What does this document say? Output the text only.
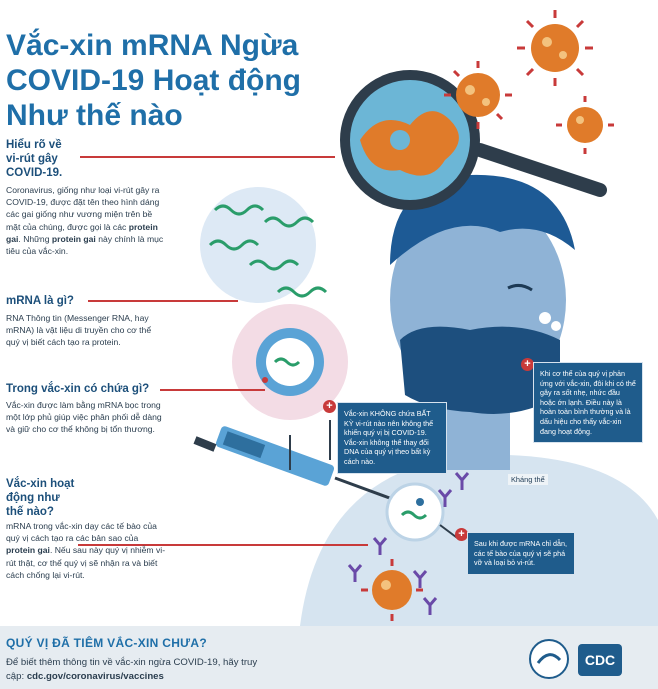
Vắc-xin mRNA Ngừa
COVID-19 Hoạt động
Như thế nào
Hiểu rõ về
vi-rút gây
COVID-19.
Coronavirus, giống như loại vi-rút gây ra COVID-19, được đặt tên theo hình dáng các gai giống như vương miện trên bề mặt của chúng, được gọi là các protein gai. Những protein gai này chính là mục tiêu của vắc-xin.
mRNA là gì?
RNA Thông tin (Messenger RNA, hay mRNA) là vật liệu di truyền cho cơ thể quý vị biết cách tạo ra protein.
Trong vắc-xin có chứa gì?
Vắc-xin được làm bằng mRNA bọc trong một lớp phủ giúp việc phân phối dễ dàng và giữ cho cơ thể không bị tổn thương.
Vắc-xin hoạt
động như
thế nào?
mRNA trong vắc-xin dạy các tế bào của quý vị cách tạo ra các bản sao của protein gai. Nếu sau này quý vị nhiễm vi-rút thật, cơ thể quý vị sẽ nhận ra và biết cách chống lại vi-rút.
+
Vắc-xin KHÔNG chứa BẤT KỲ vi-rút nào nên không thể khiến quý vị bị COVID-19. Vắc-xin không thể thay đổi DNA của quý vị theo bất kỳ cách nào.
+
Khi cơ thể của quý vị phản ứng với vắc-xin, đôi khi có thể gây ra sốt nhẹ, nhức đầu hoặc ớn lạnh. Điều này là hoàn toàn bình thường và là dấu hiệu cho thấy vắc-xin đang hoạt động.
+
Sau khi được mRNA chỉ dẫn, các tế bào của quý vị sẽ phá vỡ và loại bỏ vi-rút.
Kháng thể
QUÝ VỊ ĐÃ TIÊM VẮC-XIN CHƯA?
Để biết thêm thông tin về vắc-xin ngừa COVID-19, hãy truy
cập: cdc.gov/coronavirus/vaccines
CDC
